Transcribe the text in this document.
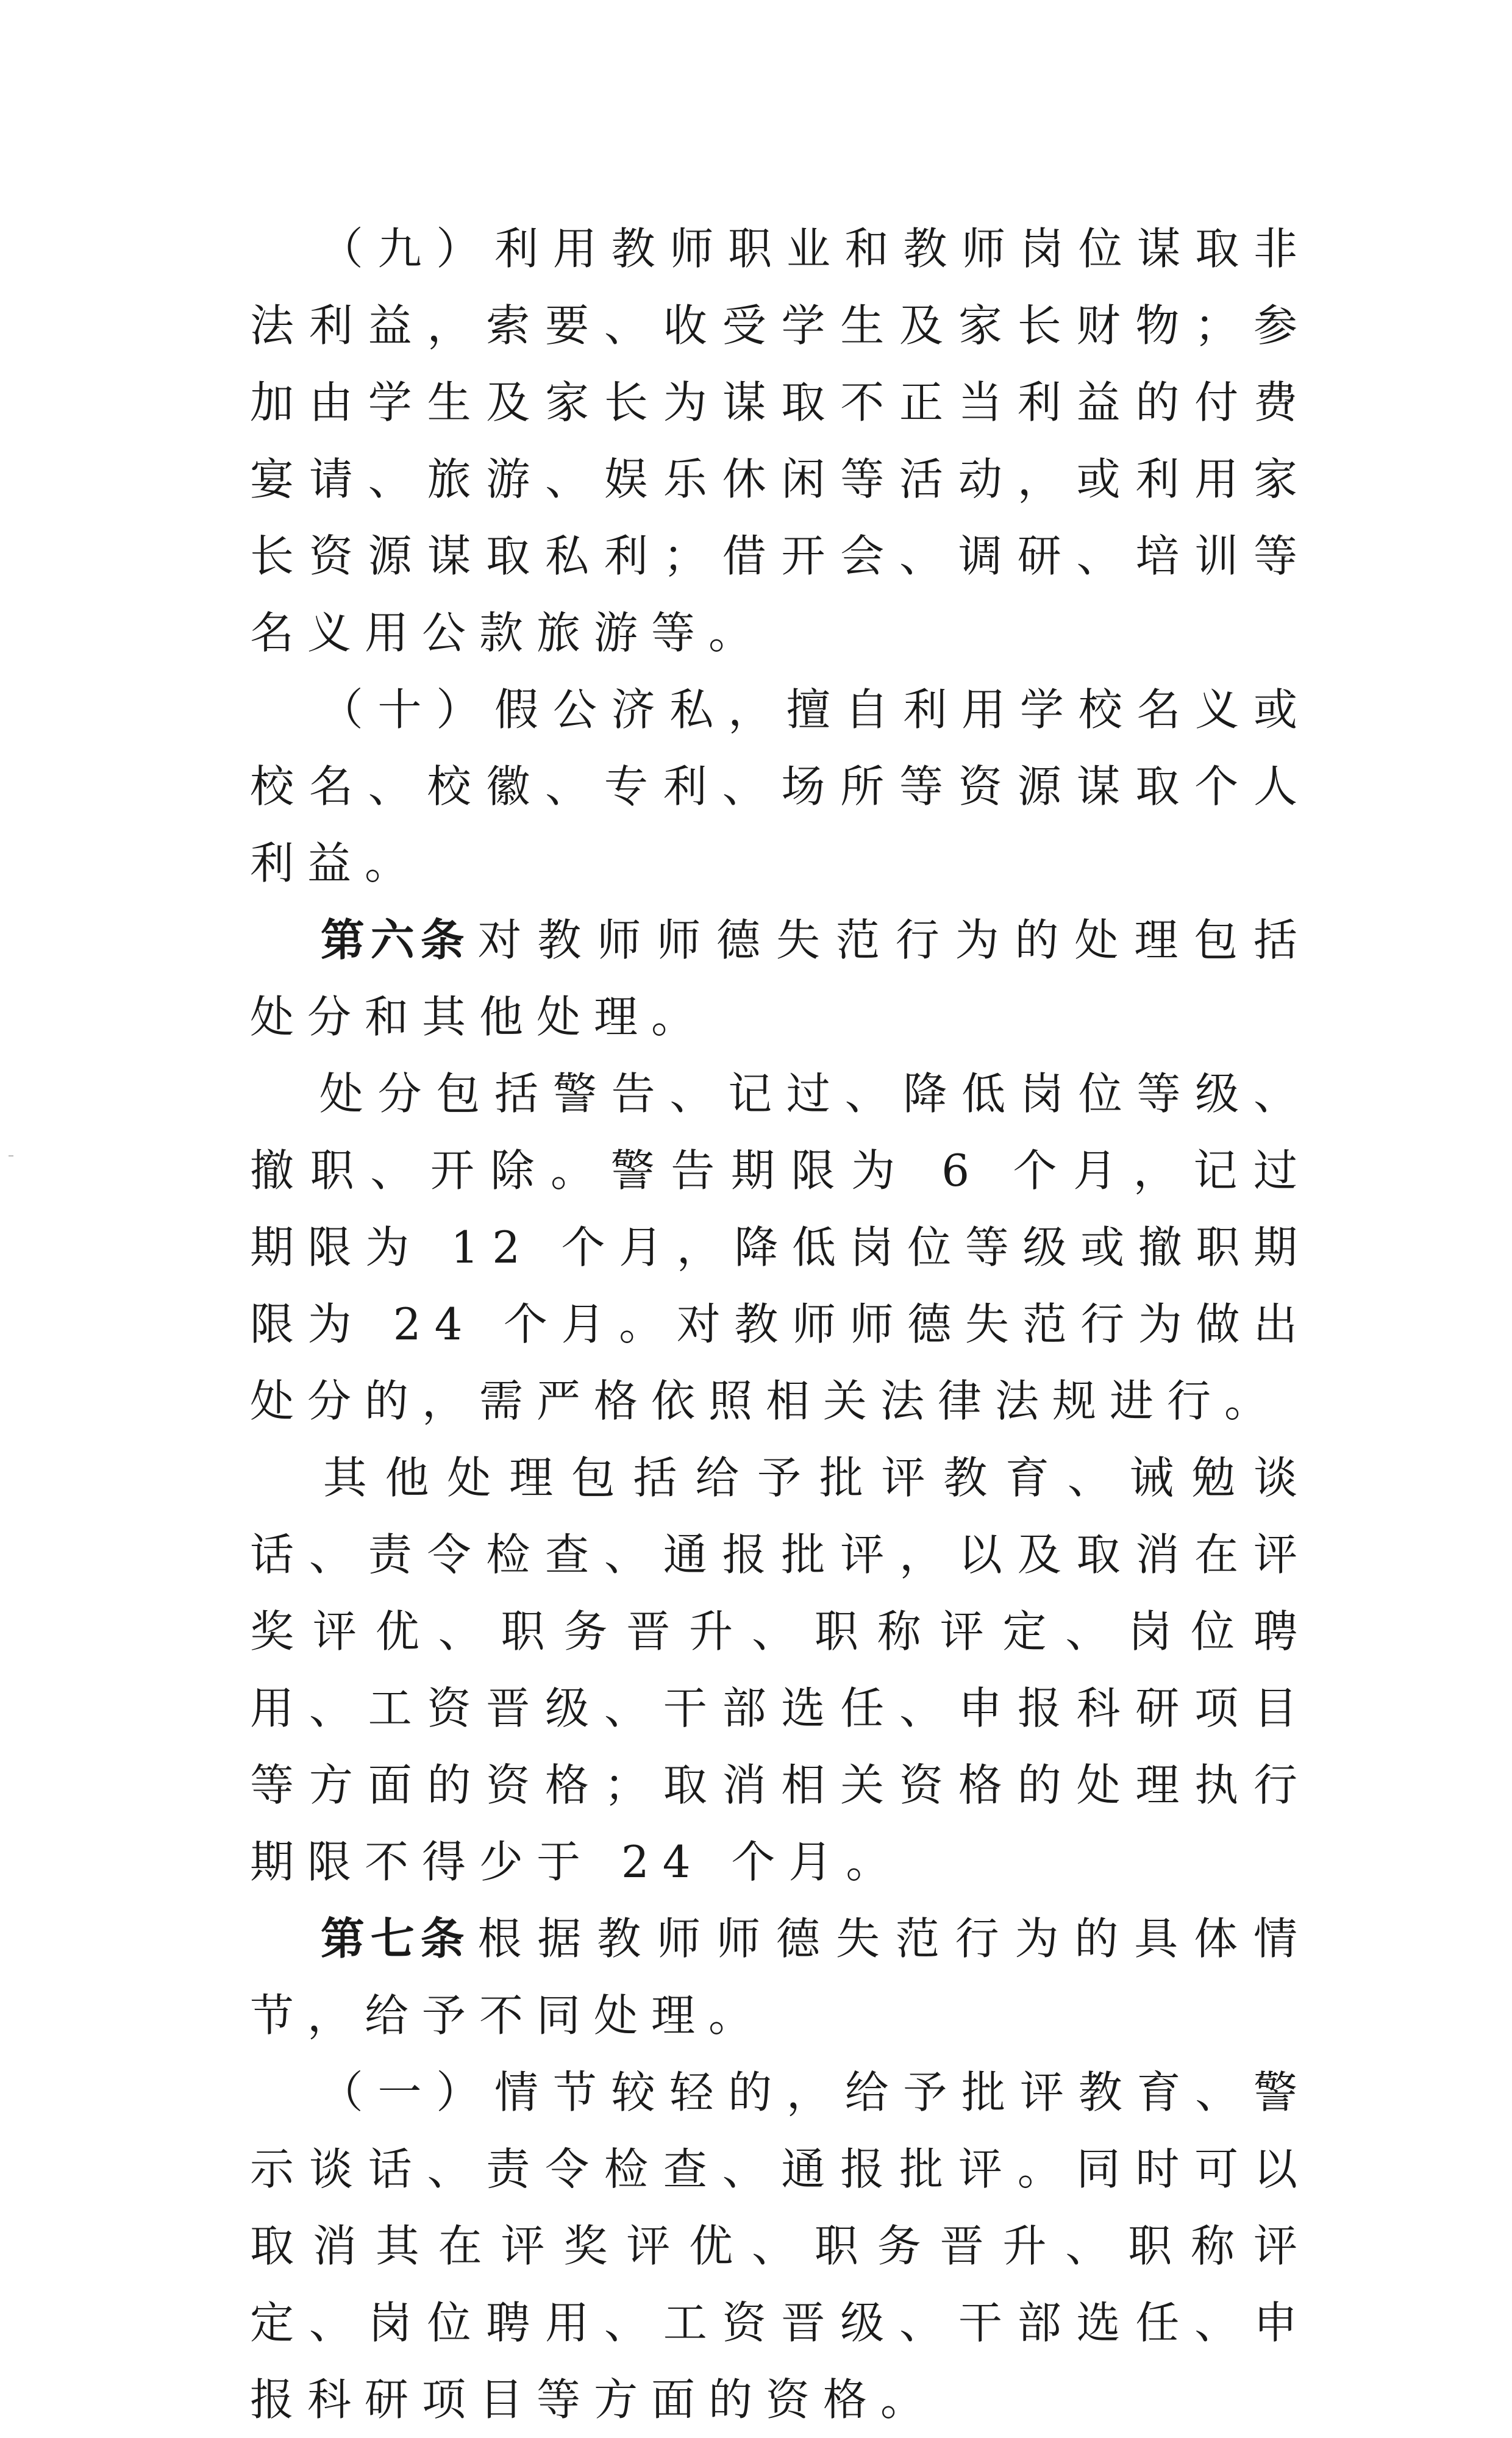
（九）利用教师职业和教师岗位谋取非法利益，索要、收受学生及家长财物；参加由学生及家长为谋取不正当利益的付费宴请、旅游、娱乐休闲等活动，或利用家长资源谋取私利；借开会、调研、培训等名义用公款旅游等。

（十）假公济私，擅自利用学校名义或校名、校徽、专利、场所等资源谋取个人利益。

第六条 对教师师德失范行为的处理包括处分和其他处理。

处分包括警告、记过、降低岗位等级、撤职、开除。警告期限为 6 个月，记过期限为 12 个月，降低岗位等级或撤职期限为 24 个月。对教师师德失范行为做出处分的，需严格依照相关法律法规进行。

其他处理包括给予批评教育、诫勉谈话、责令检查、通报批评，以及取消在评奖评优、职务晋升、职称评定、岗位聘用、工资晋级、干部选任、申报科研项目等方面的资格；取消相关资格的处理执行期限不得少于 24 个月。

第七条 根据教师师德失范行为的具体情节，给予不同处理。

（一）情节较轻的，给予批评教育、警示谈话、责令检查、通报批评。同时可以取消其在评奖评优、职务晋升、职称评定、岗位聘用、工资晋级、干部选任、申报科研项目等方面的资格。
